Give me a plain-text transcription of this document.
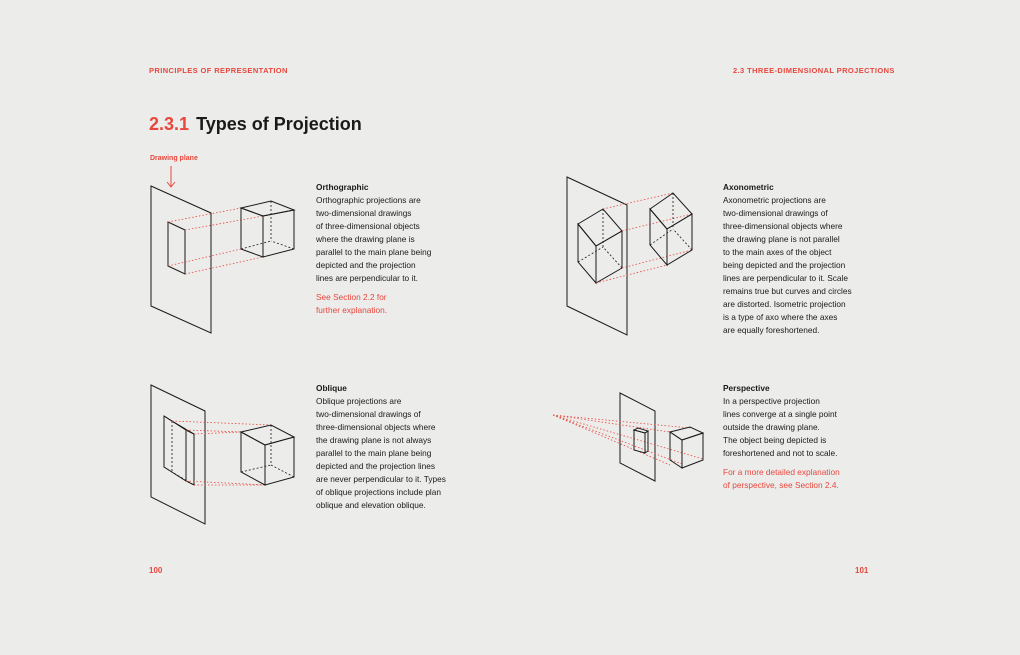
PRINCIPLES OF REPRESENTATION	2.3 THREE-DIMENSIONAL PROJECTIONS
2.3.1 Types of Projection
Drawing plane
Orthographic
Orthographic projections are
two-dimensional drawings
of three-dimensional objects
where the drawing plane is
parallel to the main plane being
depicted and the projection
lines are perpendicular to it.
See Section 2.2 for
further explanation.
Axonometric
Axonometric projections are
two-dimensional drawings of
three-dimensional objects where
the drawing plane is not parallel
to the main axes of the object
being depicted and the projection
lines are perpendicular to it. Scale
remains true but curves and circles
are distorted. Isometric projection
is a type of axo where the axes
are equally foreshortened.
Oblique
Oblique projections are
two-dimensional drawings of
three-dimensional objects where
the drawing plane is not always
parallel to the main plane being
depicted and the projection lines
are never perpendicular to it. Types
of oblique projections include plan
oblique and elevation oblique.
Perspective
In a perspective projection
lines converge at a single point
outside the drawing plane.
The object being depicted is
foreshortened and not to scale.
For a more detailed explanation
of perspective, see Section 2.4.
100	101
